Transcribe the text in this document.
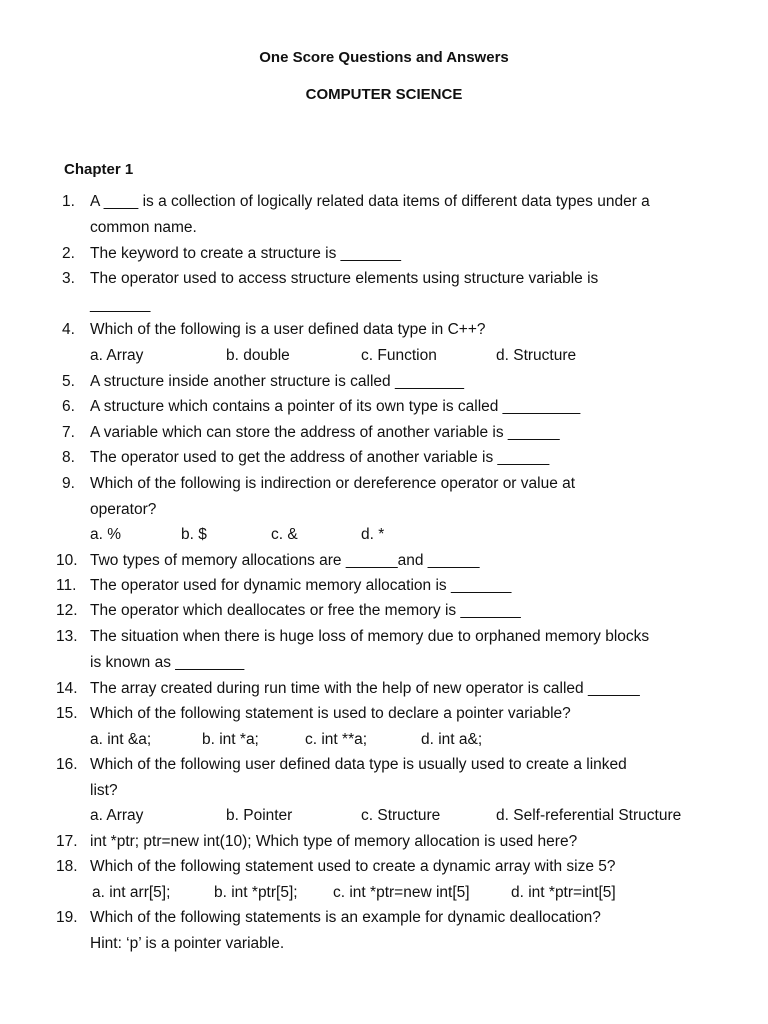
One Score Questions and Answers
COMPUTER SCIENCE
Chapter 1
1. A ____ is a collection of logically related data items of different data types under a
common name.
2. The keyword to create a structure is _______
3. The operator used to access structure elements using structure variable is
_______
4. Which of the following is a user defined data type in C++?
a. Array	b. double	c. Function	d. Structure
5. A structure inside another structure is called ________
6. A structure which contains a pointer of its own type is called _________
7. A variable which can store the address of another variable is ______
8. The operator used to get the address of another variable is ______
9. Which of the following is indirection or dereference operator or value at
operator?
a. %	b. $	c. &	d. *
10. Two types of memory allocations are ______and ______
11. The operator used for dynamic memory allocation is _______
12. The operator which deallocates or free the memory is _______
13. The situation when there is huge loss of memory due to orphaned memory blocks
is known as ________
14. The array created during run time with the help of new operator is called ______
15. Which of the following statement is used to declare a pointer variable?
a. int &a;	b. int *a;	c. int **a;	d. int a&;
16. Which of the following user defined data type is usually used to create a linked
list?
a. Array	b. Pointer	c. Structure	d. Self-referential Structure
17. int *ptr; ptr=new int(10); Which type of memory allocation is used here?
18. Which of the following statement used to create a dynamic array with size 5?
a. int arr[5];	b. int *ptr[5]; c. int *ptr=new int[5]	d. int *ptr=int[5]
19. Which of the following statements is an example for dynamic deallocation?
Hint: ‘p’ is a pointer variable.
